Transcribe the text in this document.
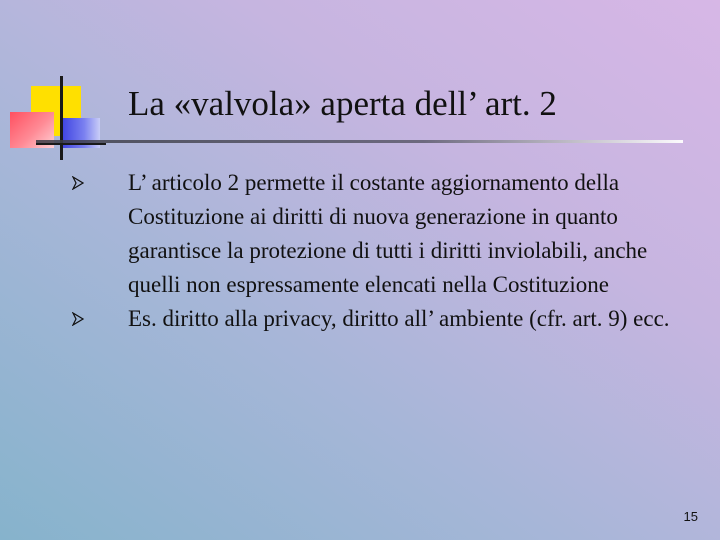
La «valvola» aperta dell’ art. 2
L’ articolo 2 permette il costante aggiornamento della Costituzione ai diritti di nuova generazione in quanto garantisce la protezione di tutti i diritti inviolabili, anche quelli non espressamente elencati nella Costituzione
Es. diritto alla privacy, diritto all’ ambiente (cfr. art. 9) ecc.
15
